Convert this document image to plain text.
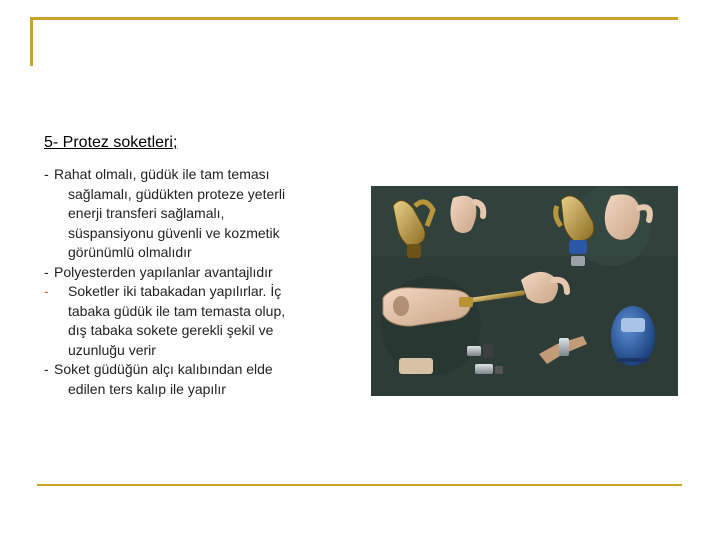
5- Protez soketleri;
- Rahat olmalı, güdük ile tam teması
sağlamalı, güdükten proteze yeterli
enerji transferi sağlamalı,
süspansiyonu güvenli ve kozmetik
görünümlü olmalıdır
- Polyesterden yapılanlar avantajlıdır
-	Soketler iki tabakadan yapılırlar. İç
tabaka güdük ile tam temasta olup,
dış tabaka sokete gerekli şekil ve
uzunluğu verir
- Soket güdüğün alçı kalıbından elde
edilen ters kalıp ile yapılır
